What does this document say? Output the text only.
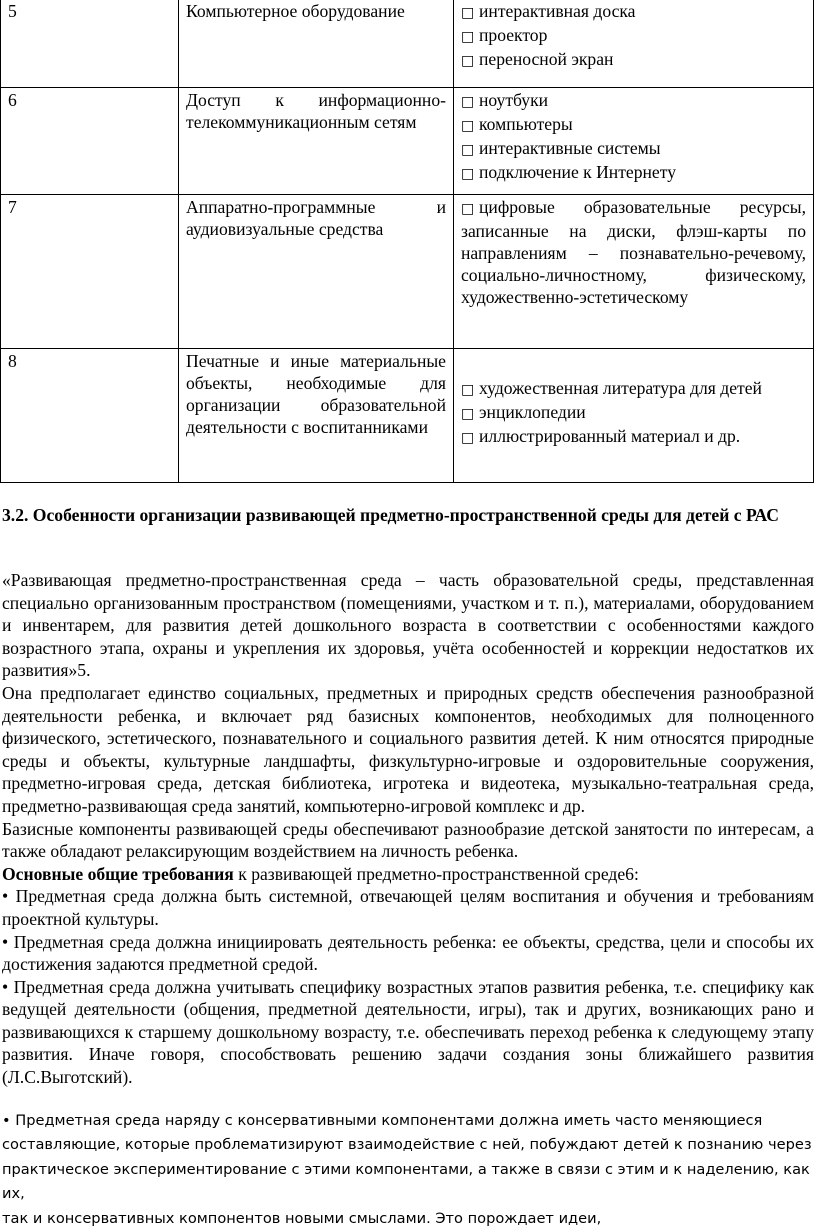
5	Компьютерное оборудование	□ интерактивная доска
□ проектор
□ переносной экран

6	Доступ к информационно-телекоммуникационным сетям	□ ноутбуки
□ компьютеры
□ интерактивные системы
□ подключение к Интернету

7	Аппаратно-программные и аудиовизуальные средства	□ цифровые образовательные ресурсы, записанные на диски, флэш-карты по направлениям – познавательно-речевому, социально-личностному, физическому, художественно-эстетическому

8	Печатные и иные материальные объекты, необходимые для организации образовательной деятельности с воспитанниками	□ художественная литература для детей
□ энциклопедии
□ иллюстрированный материал и др.
3.2. Особенности организации развивающей предметно-пространственной среды для детей с РАС

«Развивающая предметно-пространственная среда – часть образовательной среды, представленная специально организованным пространством (помещениями, участком и т. п.), материалами, оборудованием и инвентарем, для развития детей дошкольного возраста в соответствии с особенностями каждого возрастного этапа, охраны и укрепления их здоровья, учёта особенностей и коррекции недостатков их развития»5.

Она предполагает единство социальных, предметных и природных средств обеспечения разнообразной деятельности ребенка, и включает ряд базисных компонентов, необходимых для полноценного физического, эстетического, познавательного и социального развития детей. К ним относятся природные среды и объекты, культурные ландшафты, физкультурно-игровые и оздоровительные сооружения, предметно-игровая среда, детская библиотека, игротека и видеотека, музыкально-театральная среда, предметно-развивающая среда занятий, компьютерно-игровой комплекс и др.

Базисные компоненты развивающей среды обеспечивают разнообразие детской занятости по интересам, а также обладают релаксирующим воздействием на личность ребенка.

Основные общие требования к развивающей предметно-пространственной среде6:

• Предметная среда должна быть системной, отвечающей целям воспитания и обучения и требованиям проектной культуры.

• Предметная среда должна инициировать деятельность ребенка: ее объекты, средства, цели и способы их достижения задаются предметной средой.

• Предметная среда должна учитывать специфику возрастных этапов развития ребенка, т.е. специфику как ведущей деятельности (общения, предметной деятельности, игры), так и других, возникающих рано и развивающихся к старшему дошкольному возрасту, т.е. обеспечивать переход ребенка к следующему этапу развития. Иначе говоря, способствовать решению задачи создания зоны ближайшего развития (Л.С.Выготский).

• Предметная среда наряду с консервативными компонентами должна иметь часто меняющиеся

составляющие, которые проблематизируют взаимодействие с ней, побуждают детей к познанию через

практическое экспериментирование с этими компонентами, а также в связи с этим и к наделению, как их,

так и консервативных компонентов новыми смыслами. Это порождает идеи,
